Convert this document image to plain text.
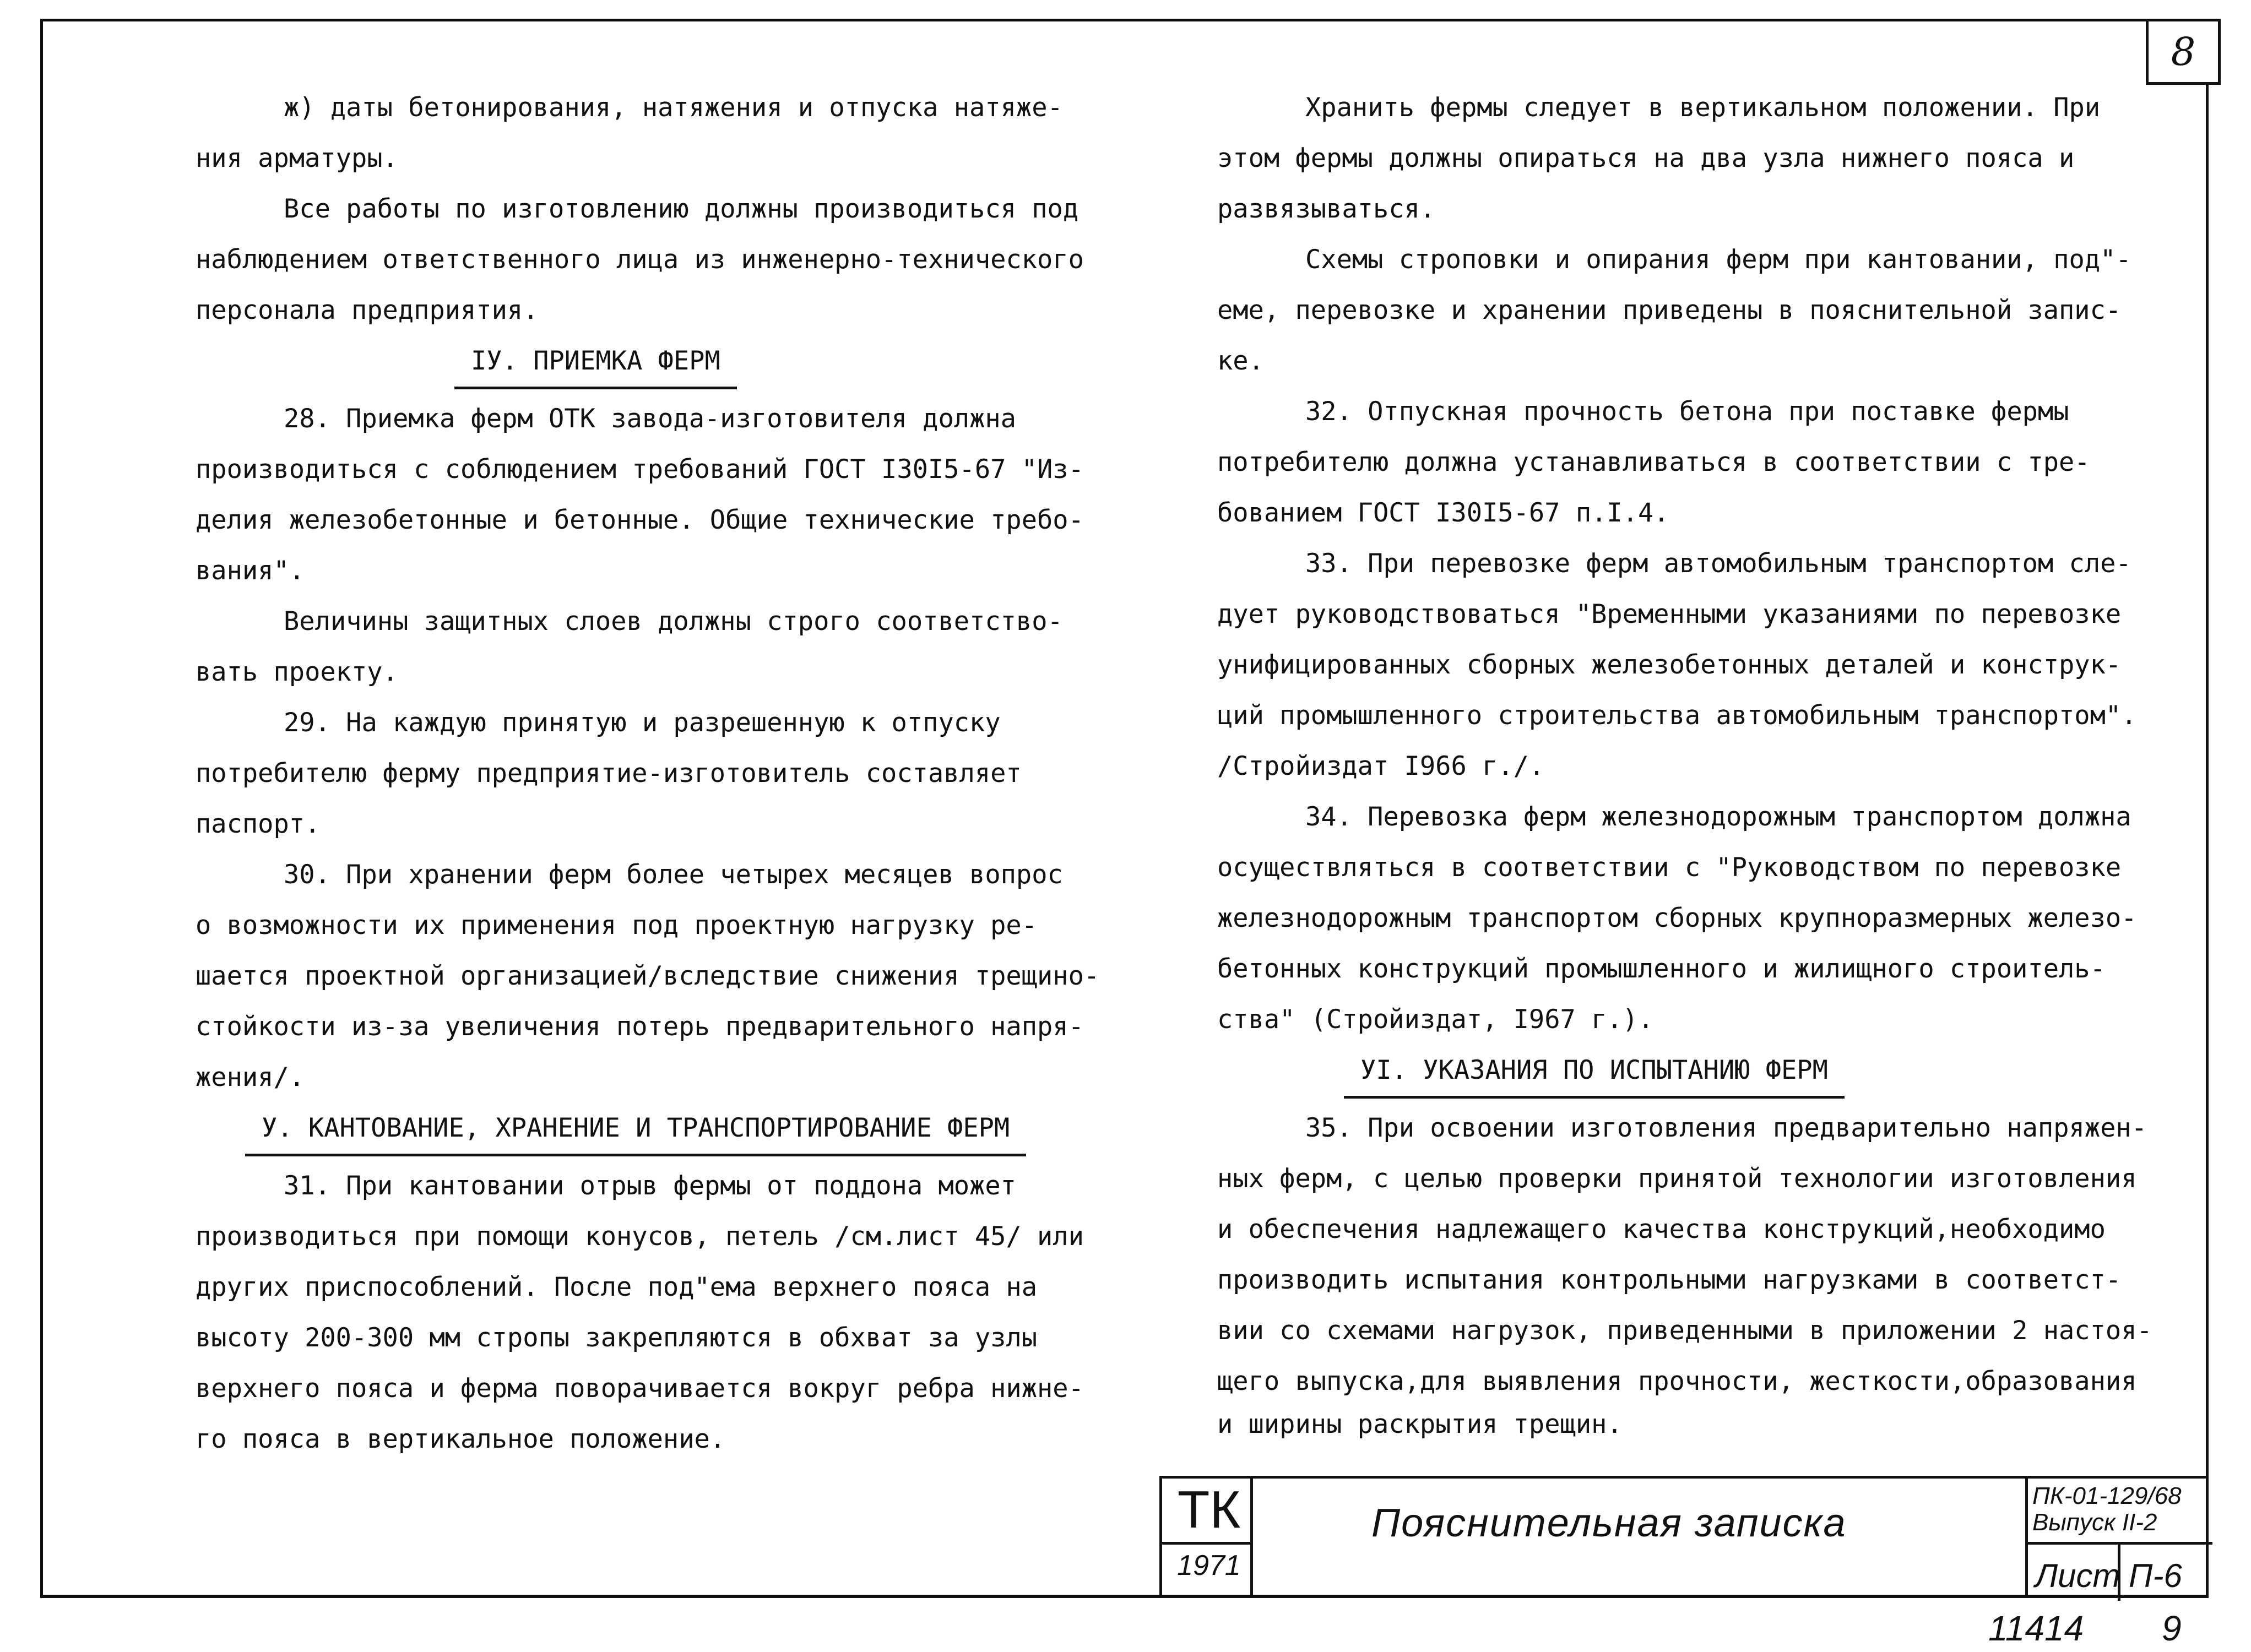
8

ж) даты бетонирования, натяжения и отпуска натяже-

ния арматуры.

Все работы по изготовлению должны производиться под

наблюдением ответственного лица из инженерно-технического

персонала предприятия.

IУ. ПРИЕМКА ФЕРМ

28. Приемка ферм ОТК завода-изготовителя должна

производиться с соблюдением требований ГОСТ I30I5-67 "Из-

делия железобетонные и бетонные. Общие технические требо-

вания".

Величины защитных слоев должны строго соответство-

вать проекту.

29. На каждую принятую и разрешенную к отпуску

потребителю ферму предприятие-изготовитель составляет

паспорт.

30. При хранении ферм более четырех месяцев вопрос

о возможности их применения под проектную нагрузку ре-

шается проектной организацией/вследствие снижения трещино-

стойкости из-за увеличения потерь предварительного напря-

жения/.

У. КАНТОВАНИЕ, ХРАНЕНИЕ И ТРАНСПОРТИРОВАНИЕ ФЕРМ

31. При кантовании отрыв фермы от поддона может

производиться при помощи конусов, петель /см.лист 45/ или

других приспособлений. После под"ема верхнего пояса на

высоту 200-300 мм стропы закрепляются в обхват за узлы

верхнего пояса и ферма поворачивается вокруг ребра нижне-

го пояса в вертикальное положение.

Хранить фермы следует в вертикальном положении. При

этом фермы должны опираться на два узла нижнего пояса и

развязываться.

Схемы строповки и опирания ферм при кантовании, под"-

еме, перевозке и хранении приведены в пояснительной запис-

ке.

32. Отпускная прочность бетона при поставке фермы

потребителю должна устанавливаться в соответствии с тре-

бованием ГОСТ I30I5-67 п.I.4.

33. При перевозке ферм автомобильным транспортом сле-

дует руководствоваться "Временными указаниями по перевозке

унифицированных сборных железобетонных деталей и конструк-

ций промышленного строительства автомобильным транспортом".

/Стройиздат I966 г./.

34. Перевозка ферм железнодорожным транспортом должна

осуществляться в соответствии с "Руководством по перевозке

железнодорожным транспортом сборных крупноразмерных железо-

бетонных конструкций промышленного и жилищного строитель-

ства" (Стройиздат, I967 г.).

УI. УКАЗАНИЯ ПО ИСПЫТАНИЮ ФЕРМ

35. При освоении изготовления предварительно напряжен-

ных ферм, с целью проверки принятой технологии изготовления

и обеспечения надлежащего качества конструкций,необходимо

производить испытания контрольными нагрузками в соответст-

вии со схемами нагрузок, приведенными в приложении 2 настоя-

щего выпуска,для выявления прочности, жесткости,образования

и ширины раскрытия трещин.

ТК
1971
Пояснительная записка
ПК-01-129/68
Выпуск II-2
Лист П-6
11414 9
